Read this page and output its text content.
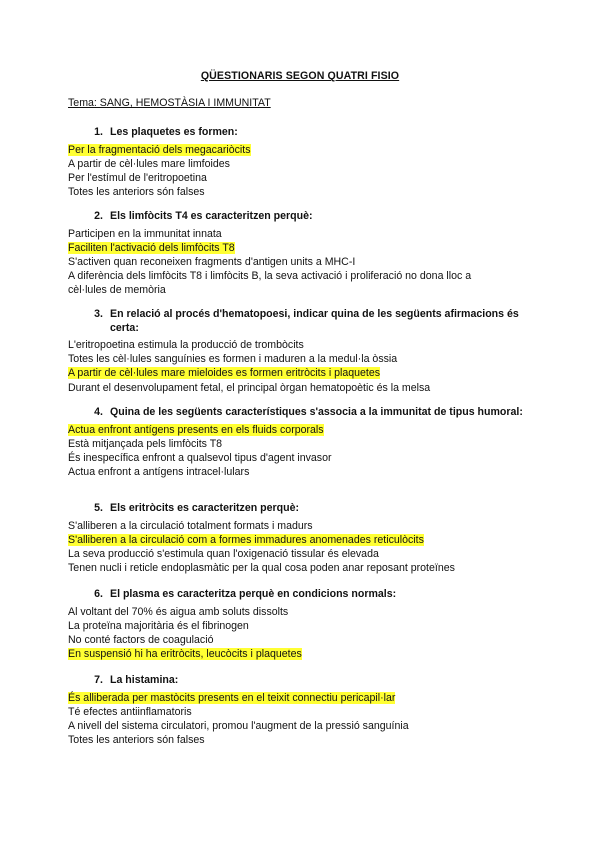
QÜESTIONARIS SEGON QUATRI FISIO
Tema: SANG, HEMOSTÀSIA I IMMUNITAT
1. Les plaquetes es formen:
Per la fragmentació dels megacariòcits
A partir de cèl·lules mare limfoides
Per l'estímul de l'eritropoetina
Totes les anteriors són falses
2. Els limfòcits T4 es caracteritzen perquè:
Participen en la immunitat innata
Faciliten l'activació dels limfòcits T8
S'activen quan reconeixen fragments d'antigen units a MHC-I
A diferència dels limfòcits T8 i limfòcits B, la seva activació i proliferació no dona lloc a cèl·lules de memòria
3. En relació al procés d'hematopoesi, indicar quina de les següents afirmacions és certa:
L'eritropoetina estimula la producció de trombòcits
Totes les cèl·lules sanguínies es formen i maduren a la medul·la òssia
A partir de cèl·lules mare mieloides es formen eritròcits i plaquetes
Durant el desenvolupament fetal, el principal òrgan hematopoètic és la melsa
4. Quina de les següents característiques s'associa a la immunitat de tipus humoral:
Actua enfront antígens presents en els fluids corporals
Està mitjançada pels limfòcits T8
És inespecífica enfront a qualsevol tipus d'agent invasor
Actua enfront a antígens intracel·lulars
5. Els eritròcits es caracteritzen perquè:
S'alliberen a la circulació totalment formats i madurs
S'alliberen a la circulació com a formes immadures anomenades reticulòcits
La seva producció s'estimula quan l'oxigenació tissular és elevada
Tenen nucli i reticle endoplasmàtic per la qual cosa poden anar reposant proteïnes
6. El plasma es caracteritza perquè en condicions normals:
Al voltant del 70% és aigua amb soluts dissolts
La proteïna majoritària és el fibrinogen
No conté factors de coagulació
En suspensió hi ha eritròcits, leucòcits i plaquetes
7. La histamina:
És alliberada per mastòcits presents en el teixit connectiu pericapil·lar
Té efectes antiinflamatoris
A nivell del sistema circulatori, promou l'augment de la pressió sanguínia
Totes les anteriors són falses
